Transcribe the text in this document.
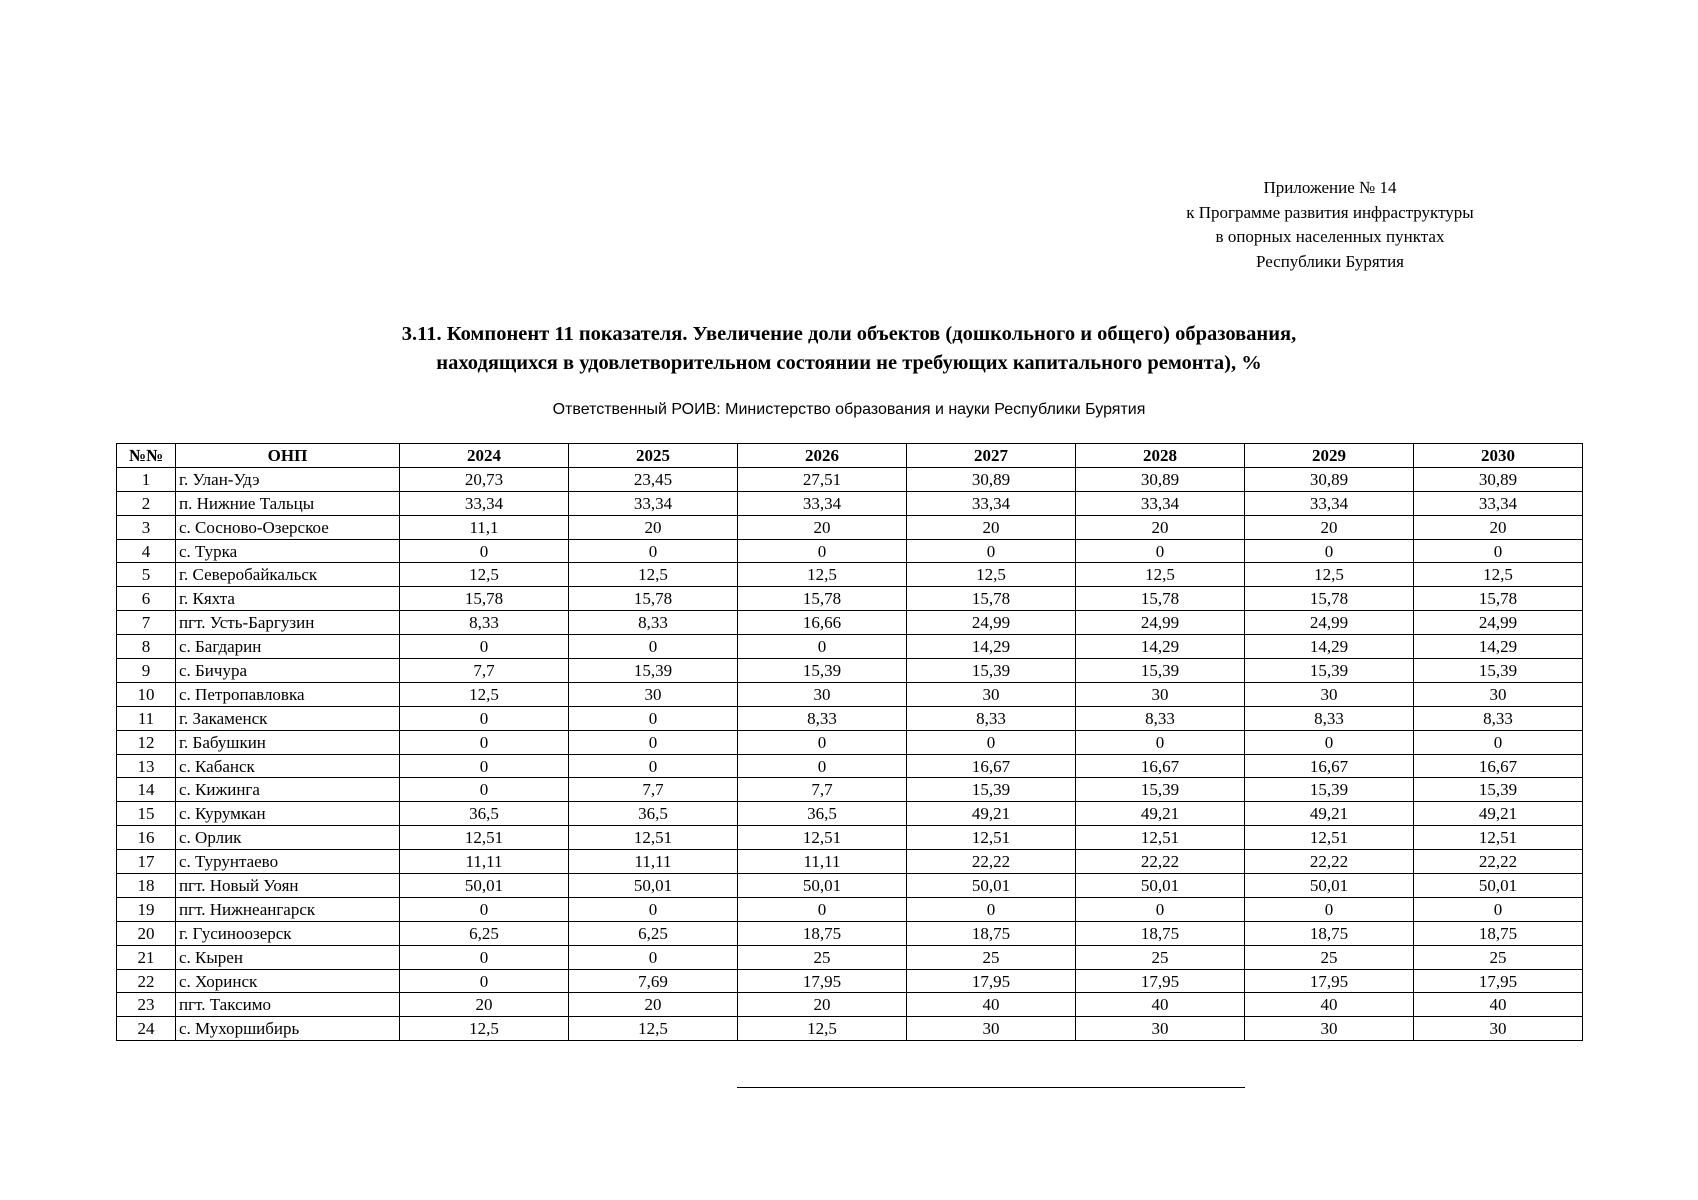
Приложение № 14
к Программе развития инфраструктуры
в опорных населенных пунктах
Республики Бурятия
3.11. Компонент 11 показателя. Увеличение доли объектов (дошкольного и общего) образования,
находящихся в удовлетворительном состоянии не требующих капитального ремонта), %
Ответственный РОИВ: Министерство образования и науки Республики Бурятия
№№	ОНП	2024	2025	2026	2027	2028	2029	2030
1	г. Улан-Удэ	20,73	23,45	27,51	30,89	30,89	30,89	30,89
2	п. Нижние Тальцы	33,34	33,34	33,34	33,34	33,34	33,34	33,34
3	с. Сосново-Озерское	11,1	20	20	20	20	20	20
4	с. Турка	0	0	0	0	0	0	0
5	г. Северобайкальск	12,5	12,5	12,5	12,5	12,5	12,5	12,5
6	г. Кяхта	15,78	15,78	15,78	15,78	15,78	15,78	15,78
7	пгт. Усть-Баргузин	8,33	8,33	16,66	24,99	24,99	24,99	24,99
8	с. Багдарин	0	0	0	14,29	14,29	14,29	14,29
9	с. Бичура	7,7	15,39	15,39	15,39	15,39	15,39	15,39
10	с. Петропавловка	12,5	30	30	30	30	30	30
11	г. Закаменск	0	0	8,33	8,33	8,33	8,33	8,33
12	г. Бабушкин	0	0	0	0	0	0	0
13	с. Кабанск	0	0	0	16,67	16,67	16,67	16,67
14	с. Кижинга	0	7,7	7,7	15,39	15,39	15,39	15,39
15	с. Курумкан	36,5	36,5	36,5	49,21	49,21	49,21	49,21
16	с. Орлик	12,51	12,51	12,51	12,51	12,51	12,51	12,51
17	с. Турунтаево	11,11	11,11	11,11	22,22	22,22	22,22	22,22
18	пгт. Новый Уоян	50,01	50,01	50,01	50,01	50,01	50,01	50,01
19	пгт. Нижнеангарск	0	0	0	0	0	0	0
20	г. Гусиноозерск	6,25	6,25	18,75	18,75	18,75	18,75	18,75
21	с. Кырен	0	0	25	25	25	25	25
22	с. Хоринск	0	7,69	17,95	17,95	17,95	17,95	17,95
23	пгт. Таксимо	20	20	20	40	40	40	40
24	с. Мухоршибирь	12,5	12,5	12,5	30	30	30	30
